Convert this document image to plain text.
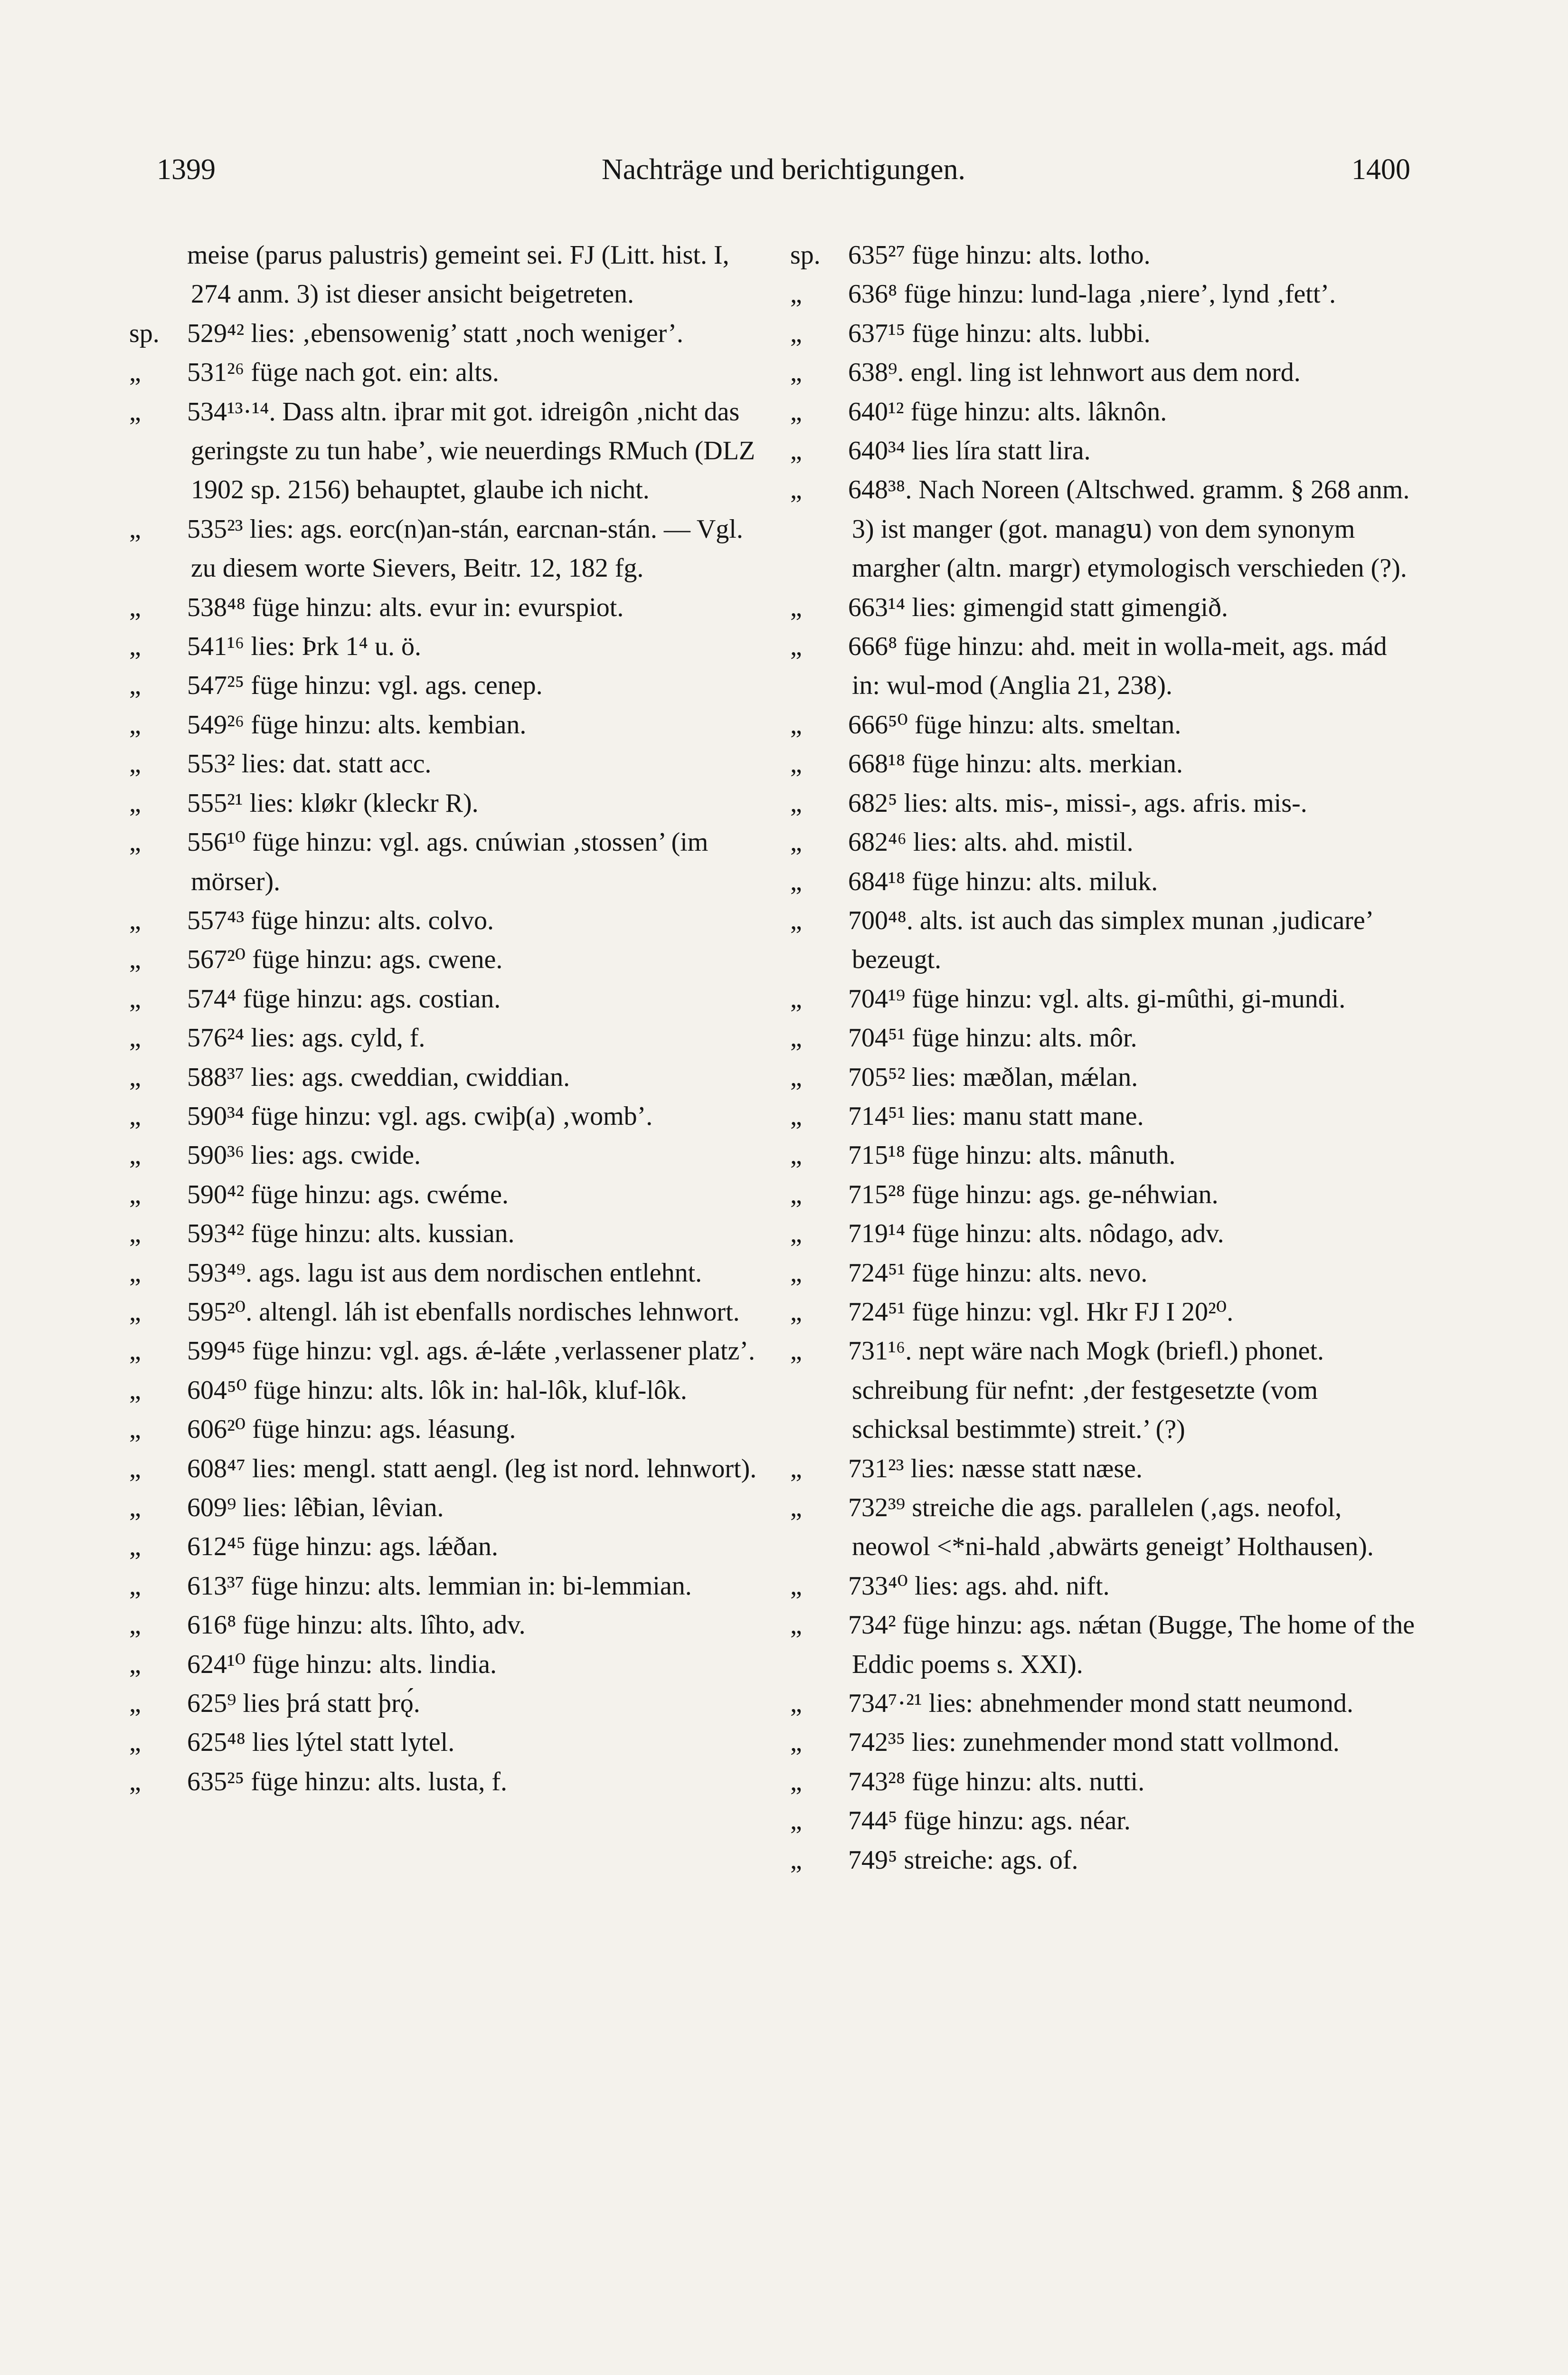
1399	Nachträge und berichtigungen.	1400
meise (parus palustris) gemeint sei. FJ (Litt. hist. I, 274 anm. 3) ist dieser ansicht beigetreten.
sp.	529⁴² lies: ‚ebensowenig’ statt ‚noch weniger’.
„	531²⁶ füge nach got. ein: alts.
„	534¹³·¹⁴. Dass altn. iþrar mit got. idreigôn ‚nicht das geringste zu tun habe’, wie neuerdings RMuch (DLZ 1902 sp. 2156) behauptet, glaube ich nicht.
„	535²³ lies: ags. eorc(n)an-stán, earcnan-stán. — Vgl. zu diesem worte Sievers, Beitr. 12, 182 fg.
„	538⁴⁸ füge hinzu: alts. evur in: evurspiot.
„	541¹⁶ lies: Þrk 1⁴ u. ö.
„	547²⁵ füge hinzu: vgl. ags. cenep.
„	549²⁶ füge hinzu: alts. kembian.
„	553² lies: dat. statt acc.
„	555²¹ lies: kløkr (kleckr R).
„	556¹⁰ füge hinzu: vgl. ags. cnúwian ‚stossen’ (im mörser).
„	557⁴³ füge hinzu: alts. colvo.
„	567²⁰ füge hinzu: ags. cwene.
„	574⁴ füge hinzu: ags. costian.
„	576²⁴ lies: ags. cyld, f.
„	588³⁷ lies: ags. cweddian, cwiddian.
„	590³⁴ füge hinzu: vgl. ags. cwiþ(a) ‚womb’.
„	590³⁶ lies: ags. cwide.
„	590⁴² füge hinzu: ags. cwéme.
„	593⁴² füge hinzu: alts. kussian.
„	593⁴⁹. ags. lagu ist aus dem nordischen entlehnt.
„	595²⁰. altengl. láh ist ebenfalls nordisches lehnwort.
„	599⁴⁵ füge hinzu: vgl. ags. ǽ-lǽte ‚verlassener platz’.
„	604⁵⁰ füge hinzu: alts. lôk in: hal-lôk, kluf-lôk.
„	606²⁰ füge hinzu: ags. léasung.
„	608⁴⁷ lies: mengl. statt aengl. (leg ist nord. lehnwort).
„	609⁹ lies: lêƀian, lêvian.
„	612⁴⁵ füge hinzu: ags. lǽðan.
„	613³⁷ füge hinzu: alts. lemmian in: bi-lemmian.
„	616⁸ füge hinzu: alts. lîhto, adv.
„	624¹⁰ füge hinzu: alts. lindia.
„	625⁹ lies þrá statt þrǫ́.
„	625⁴⁸ lies lýtel statt lytel.
„	635²⁵ füge hinzu: alts. lusta, f.
sp.	635²⁷ füge hinzu: alts. lotho.
„	636⁸ füge hinzu: lund-laga ‚niere’, lynd ‚fett’.
„	637¹⁵ füge hinzu: alts. lubbi.
„	638⁹. engl. ling ist lehnwort aus dem nord.
„	640¹² füge hinzu: alts. lâknôn.
„	640³⁴ lies líra statt lira.
„	648³⁸. Nach Noreen (Altschwed. gramm. § 268 anm. 3) ist manger (got. managս) von dem synonym margher (altn. margr) etymologisch verschieden (?).
„	663¹⁴ lies: gimengid statt gimengið.
„	666⁸ füge hinzu: ahd. meit in wolla-meit, ags. mád in: wul-mod (Anglia 21, 238).
„	666⁵⁰ füge hinzu: alts. smeltan.
„	668¹⁸ füge hinzu: alts. merkian.
„	682⁵ lies: alts. mis-, missi-, ags. afris. mis-.
„	682⁴⁶ lies: alts. ahd. mistil.
„	684¹⁸ füge hinzu: alts. miluk.
„	700⁴⁸. alts. ist auch das simplex munan ‚judicare’ bezeugt.
„	704¹⁹ füge hinzu: vgl. alts. gi-mûthi, gi-mundi.
„	704⁵¹ füge hinzu: alts. môr.
„	705⁵² lies: mæðlan, mǽlan.
„	714⁵¹ lies: manu statt mane.
„	715¹⁸ füge hinzu: alts. mânuth.
„	715²⁸ füge hinzu: ags. ge-néhwian.
„	719¹⁴ füge hinzu: alts. nôdago, adv.
„	724⁵¹ füge hinzu: alts. nevo.
„	724⁵¹ füge hinzu: vgl. Hkr FJ I 20²⁰.
„	731¹⁶. nept wäre nach Mogk (briefl.) phonet. schreibung für nefnt: ‚der festgesetzte (vom schicksal bestimmte) streit.’ (?)
„	731²³ lies: næsse statt næse.
„	732³⁹ streiche die ags. parallelen (‚ags. neofol, neowol <*ni-hald ‚abwärts geneigt’ Holthausen).
„	733⁴⁰ lies: ags. ahd. nift.
„	734² füge hinzu: ags. nǽtan (Bugge, The home of the Eddic poems s. XXI).
„	734⁷·²¹ lies: abnehmender mond statt neumond.
„	742³⁵ lies: zunehmender mond statt vollmond.
„	743²⁸ füge hinzu: alts. nutti.
„	744⁵ füge hinzu: ags. néar.
„	749⁵ streiche: ags. of.
